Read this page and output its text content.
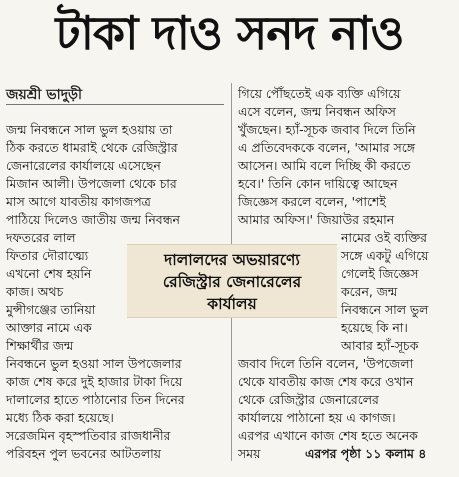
টাকা দাও সনদ নাও
জয়শ্রী ভাদুড়ী
জন্ম নিবন্ধনে সাল ভুল হওয়ায় তা
ঠিক করতে ধামরাই থেকে রেজিস্ট্রার
জেনারেলের কার্যালয়ে এসেছেন
মিজান আলী। উপজেলা থেকে চার
মাস আগে যাবতীয় কাগজপত্র
পাঠিয়ে দিলেও জাতীয় জন্ম নিবন্ধন
দফতরের লাল
ফিতার দৌরাত্ম্যে
এখনো শেষ হয়নি
কাজ। অথচ
মুন্সীগঞ্জের তানিয়া
আক্তার নামে এক
শিক্ষার্থীর জন্ম
নিবন্ধনে ভুল হওয়া সাল উপজেলার
কাজ শেষ করে দুই হাজার টাকা দিয়ে
দালালের হাতে পাঠানোর তিন দিনের
মধ্যে ঠিক করা হয়েছে।
সরেজমিন বৃহস্পতিবার রাজধানীর
পরিবহন পুল ভবনের আটতলায়
গিয়ে পৌঁছতেই এক ব্যক্তি এগিয়ে
এসে বলেন, জন্ম নিবন্ধন অফিস
খুঁজছেন। হ্যাঁ-সূচক জবাব দিলে তিনি
এ প্রতিবেদককে বলেন, 'আমার সঙ্গে
আসেন। আমি বলে দিচ্ছি কী করতে
হবে।' তিনি কোন দায়িত্বে আছেন
জিজ্ঞেস করলে বলেন, 'পাশেই
আমার অফিস।' জিয়াউর রহমান
নামের ওই ব্যক্তির
সঙ্গে একটু এগিয়ে
গেলেই জিজ্ঞেস
করেন, জন্ম
নিবন্ধনে সাল ভুল
হয়েছে কি না।
আবার হ্যাঁ-সূচক
জবাব দিলে তিনি বলেন, 'উপজেলা
থেকে যাবতীয় কাজ শেষ করে ওখান
থেকে রেজিস্ট্রার জেনারেলের
কার্যালয়ে পাঠানো হয় এ কাগজ।
এরপর এখানে কাজ শেষ হতে অনেক
সময়	এরপর পৃষ্ঠা ১১ কলাম ৪
দালালদের অভয়ারণ্যে
রেজিস্ট্রার জেনারেলের
কার্যালয়
